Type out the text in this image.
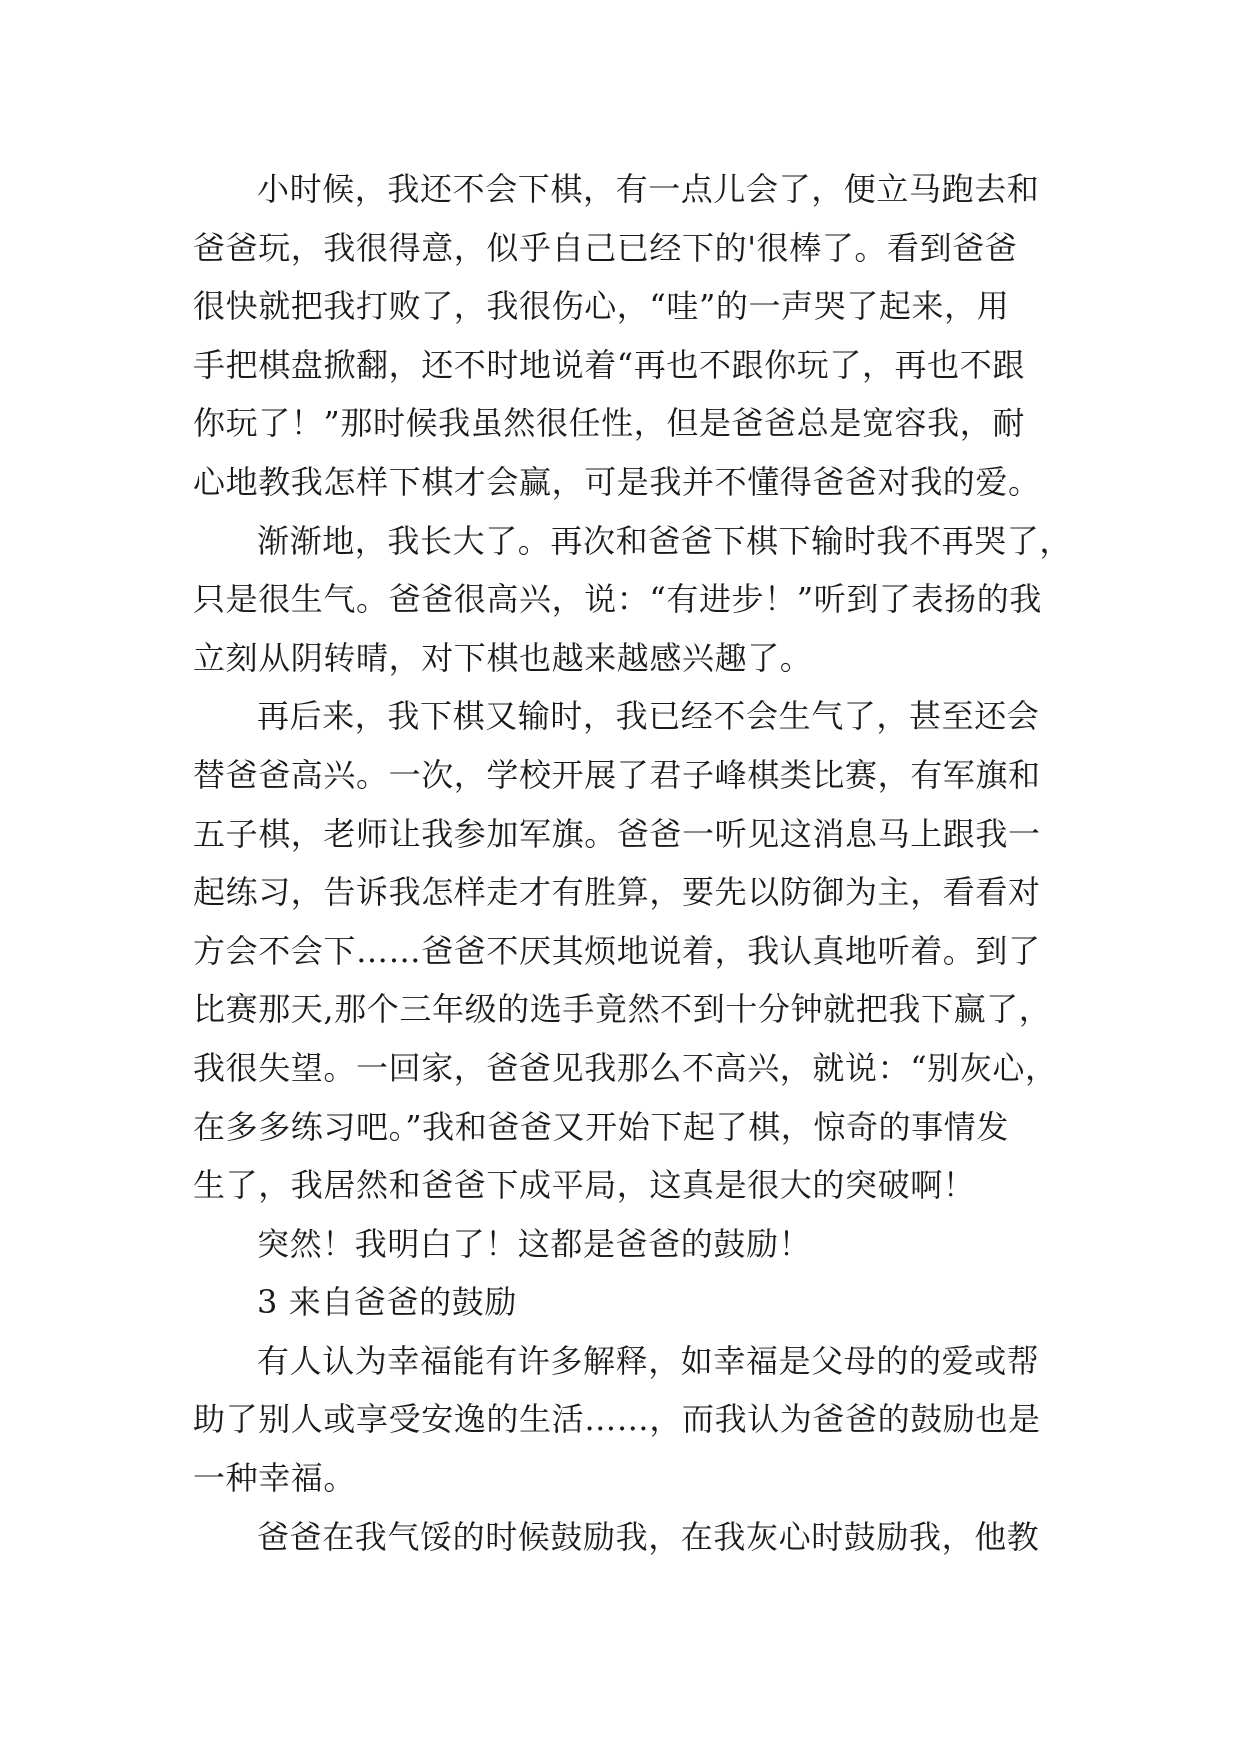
小时候，我还不会下棋，有一点儿会了，便立马跑去和
爸爸玩，我很得意，似乎自己已经下的'很棒了。看到爸爸
很快就把我打败了，我很伤心，“哇”的一声哭了起来，用
手把棋盘掀翻，还不时地说着“再也不跟你玩了，再也不跟
你玩了！”那时候我虽然很任性，但是爸爸总是宽容我，耐
心地教我怎样下棋才会赢，可是我并不懂得爸爸对我的爱。
渐渐地，我长大了。再次和爸爸下棋下输时我不再哭了，
只是很生气。爸爸很高兴，说：“有进步！”听到了表扬的我
立刻从阴转晴，对下棋也越来越感兴趣了。
再后来，我下棋又输时，我已经不会生气了，甚至还会
替爸爸高兴。一次，学校开展了君子峰棋类比赛，有军旗和
五子棋，老师让我参加军旗。爸爸一听见这消息马上跟我一
起练习，告诉我怎样走才有胜算，要先以防御为主，看看对
方会不会下……爸爸不厌其烦地说着，我认真地听着。到了
比赛那天,那个三年级的选手竟然不到十分钟就把我下赢了，
我很失望。一回家，爸爸见我那么不高兴，就说：“别灰心，
在多多练习吧。”我和爸爸又开始下起了棋，惊奇的事情发
生了，我居然和爸爸下成平局，这真是很大的突破啊！
突然！我明白了！这都是爸爸的鼓励！
3 来自爸爸的鼓励
有人认为幸福能有许多解释，如幸福是父母的的爱或帮
助了别人或享受安逸的生活……，而我认为爸爸的鼓励也是
一种幸福。
爸爸在我气馁的时候鼓励我，在我灰心时鼓励我，他教
